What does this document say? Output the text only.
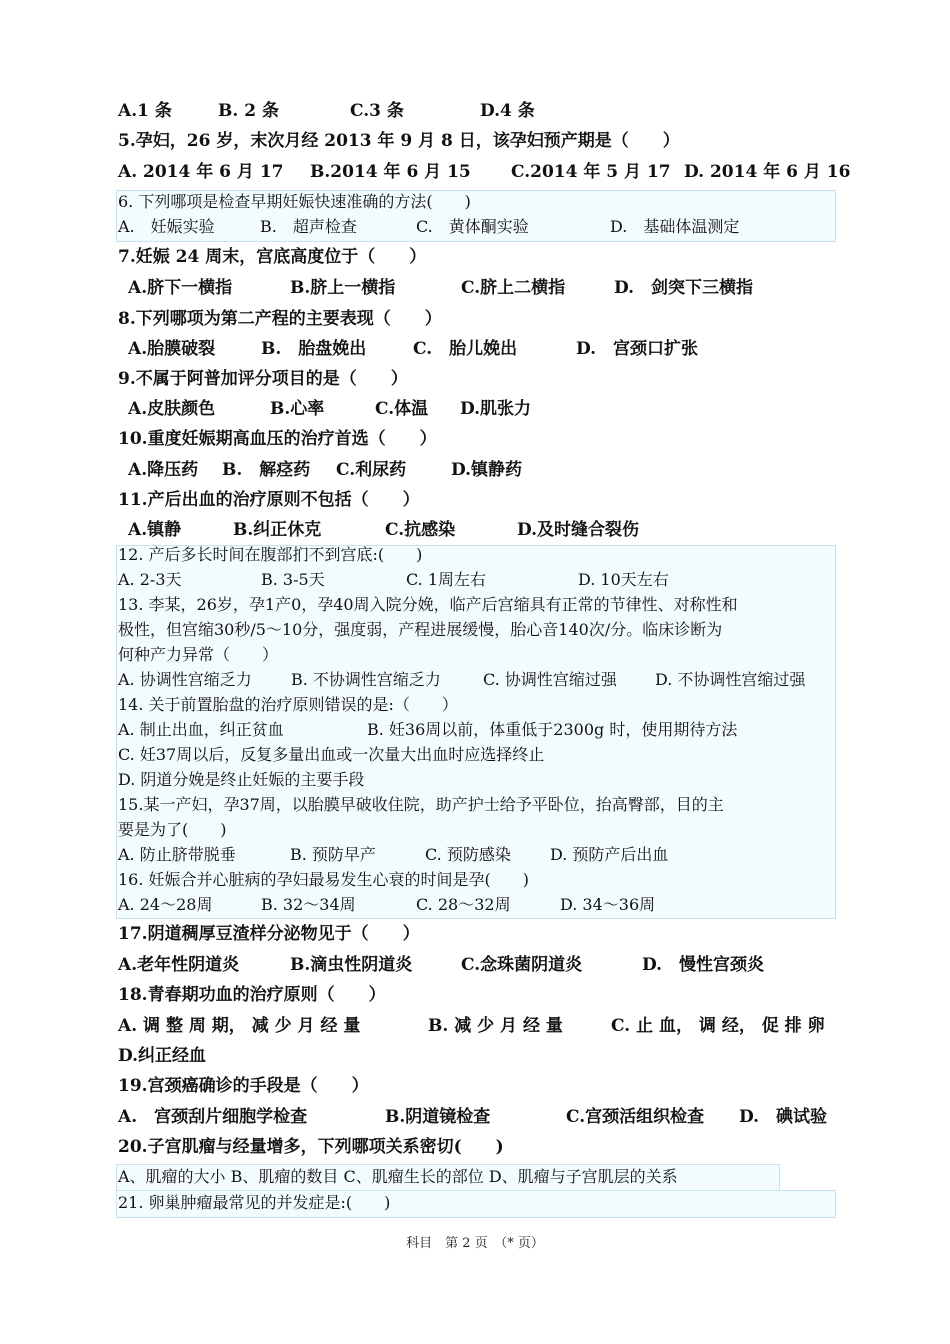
A.1 条	B. 2 条	C.3 条	D.4 条
5.孕妇，26 岁，末次月经 2013 年 9 月 8 日，该孕妇预产期是（　　）
A. 2014 年 6 月 17 B.2014 年 6 月 15 C.2014 年 5 月 17 D. 2014 年 6 月 16
6. 下列哪项是检查早期妊娠快速准确的方法(　　)
A.　妊娠实验	B.　超声检查	C.　黄体酮实验	D.　基础体温测定
7.妊娠 24 周末，宫底高度位于（　　）
A.脐下一横指	B.脐上一横指	C.脐上二横指	D.　剑突下三横指
8.下列哪项为第二产程的主要表现（　　）
A.胎膜破裂	B.　胎盘娩出	C.　胎儿娩出	D.　宫颈口扩张
9.不属于阿普加评分项目的是（　　）
A.皮肤颜色	B.心率	C.体温 D.肌张力
10.重度妊娠期高血压的治疗首选（　　）
A.降压药 B.　解痉药 C.利尿药	D.镇静药
11.产后出血的治疗原则不包括（　　）
A.镇静	B.纠正休克	C.抗感染	D.及时缝合裂伤
12. 产后多长时间在腹部扪不到宫底:(　　)
A. 2-3天	B. 3-5天	C. 1周左右	D. 10天左右
13. 李某，26岁，孕1产0，孕40周入院分娩，临产后宫缩具有正常的节律性、对称性和
极性，但宫缩30秒/5～10分，强度弱，产程进展缓慢，胎心音140次/分。临床诊断为
何种产力异常（　　）
A. 协调性宫缩乏力 B. 不协调性宫缩乏力	C. 协调性宫缩过强 D. 不协调性宫缩过强
14. 关于前置胎盘的治疗原则错误的是:（　　）
A. 制止出血，纠正贫血	B. 妊36周以前，体重低于2300g 时，使用期待方法
C. 妊37周以后，反复多量出血或一次量大出血时应选择终止
D. 阴道分娩是终止妊娠的主要手段
15.某一产妇，孕37周，以胎膜早破收住院，助产护士给予平卧位，抬高臀部，目的主
要是为了(　　)
A. 防止脐带脱垂	B. 预防早产	C. 预防感染 D. 预防产后出血
16. 妊娠合并心脏病的孕妇最易发生心衰的时间是孕(　　)
A. 24～28周	B. 32～34周	C. 28～32周	D. 34～36周
17.阴道稠厚豆渣样分泌物见于（　　）
A.老年性阴道炎	B.滴虫性阴道炎	C.念珠菌阴道炎	D.　慢性宫颈炎
18.青春期功血的治疗原则（　　）
A. 调 整 周 期， 减 少 月 经 量	B. 减 少 月 经 量	C. 止 血， 调 经， 促 排 卵
D.纠正经血
19.宫颈癌确诊的手段是（　　）
A.　宫颈刮片细胞学检查	B.阴道镜检查	C.宫颈活组织检查 D.　碘试验
20.子宫肌瘤与经量增多，下列哪项关系密切(　　)
A、肌瘤的大小 B、肌瘤的数目 C、肌瘤生长的部位 D、肌瘤与子宫肌层的关系
21. 卵巢肿瘤最常见的并发症是:(　　)
科目　第 2 页　（* 页）
